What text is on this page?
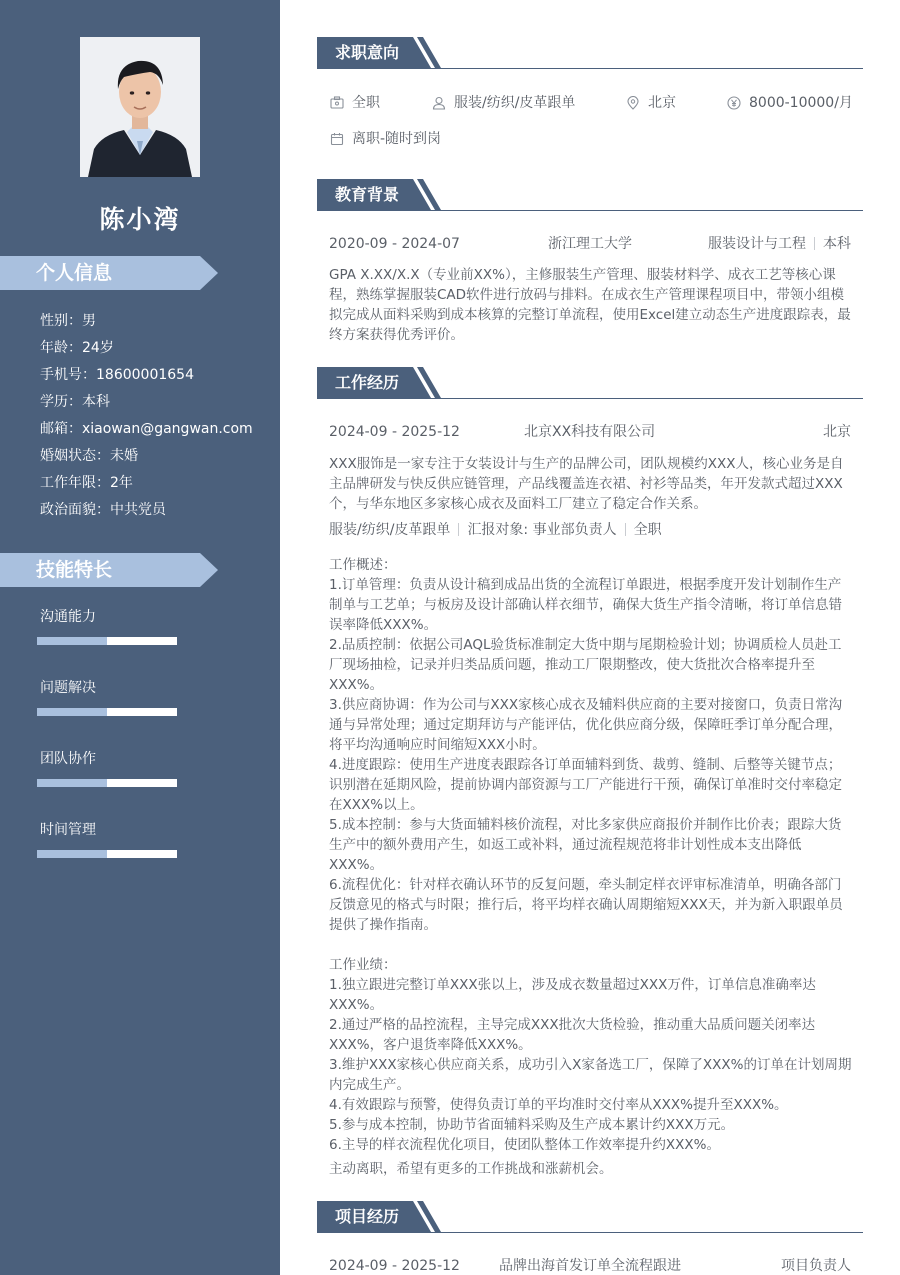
陈小湾
个人信息
性别：男
年龄：24岁
手机号：18600001654
学历：本科
邮箱：xiaowan@gangwan.com
婚姻状态：未婚
工作年限：2年
政治面貌：中共党员
技能特长
沟通能力
问题解决
团队协作
时间管理
求职意向
全职	服装/纺织/皮革跟单	北京	8000-10000/月
离职-随时到岗
教育背景
2020-09 - 2024-07	浙江理工大学	服装设计与工程 本科
GPA X.XX/X.X（专业前XX%），主修服装生产管理、服装材料学、成衣工艺等核心课程，熟练掌握服装CAD软件进行放码与排料。在成衣生产管理课程项目中，带领小组模拟完成从面料采购到成本核算的完整订单流程，使用Excel建立动态生产进度跟踪表，最终方案获得优秀评价。
工作经历
2024-09 - 2025-12	北京XX科技有限公司	北京
XXX服饰是一家专注于女装设计与生产的品牌公司，团队规模约XXX人，核心业务是自主品牌研发与快反供应链管理，产品线覆盖连衣裙、衬衫等品类，年开发款式超过XXX个，与华东地区多家核心成衣及面料工厂建立了稳定合作关系。
服装/纺织/皮革跟单 汇报对象: 事业部负责人 全职
工作概述：
1.订单管理：负责从设计稿到成品出货的全流程订单跟进，根据季度开发计划制作生产制单与工艺单；与板房及设计部确认样衣细节，确保大货生产指令清晰，将订单信息错误率降低XXX%。
2.品质控制：依据公司AQL验货标准制定大货中期与尾期检验计划；协调质检人员赴工厂现场抽检，记录并归类品质问题，推动工厂限期整改，使大货批次合格率提升至XXX%。
3.供应商协调：作为公司与XXX家核心成衣及辅料供应商的主要对接窗口，负责日常沟通与异常处理；通过定期拜访与产能评估，优化供应商分级，保障旺季订单分配合理，将平均沟通响应时间缩短XXX小时。
4.进度跟踪：使用生产进度表跟踪各订单面辅料到货、裁剪、缝制、后整等关键节点；识别潜在延期风险，提前协调内部资源与工厂产能进行干预，确保订单准时交付率稳定在XXX%以上。
5.成本控制：参与大货面辅料核价流程，对比多家供应商报价并制作比价表；跟踪大货生产中的额外费用产生，如返工或补料，通过流程规范将非计划性成本支出降低XXX%。
6.流程优化：针对样衣确认环节的反复问题，牵头制定样衣评审标准清单，明确各部门反馈意见的格式与时限；推行后，将平均样衣确认周期缩短XXX天，并为新入职跟单员提供了操作指南。

工作业绩：
1.独立跟进完整订单XXX张以上，涉及成衣数量超过XXX万件，订单信息准确率达XXX%。
2.通过严格的品控流程，主导完成XXX批次大货检验，推动重大品质问题关闭率达XXX%，客户退货率降低XXX%。
3.维护XXX家核心供应商关系，成功引入X家备选工厂，保障了XXX%的订单在计划周期内完成生产。
4.有效跟踪与预警，使得负责订单的平均准时交付率从XXX%提升至XXX%。
5.参与成本控制，协助节省面辅料采购及生产成本累计约XXX万元。
6.主导的样衣流程优化项目，使团队整体工作效率提升约XXX%。
主动离职，希望有更多的工作挑战和涨薪机会。
项目经历
2024-09 - 2025-12	品牌出海首发订单全流程跟进	项目负责人
